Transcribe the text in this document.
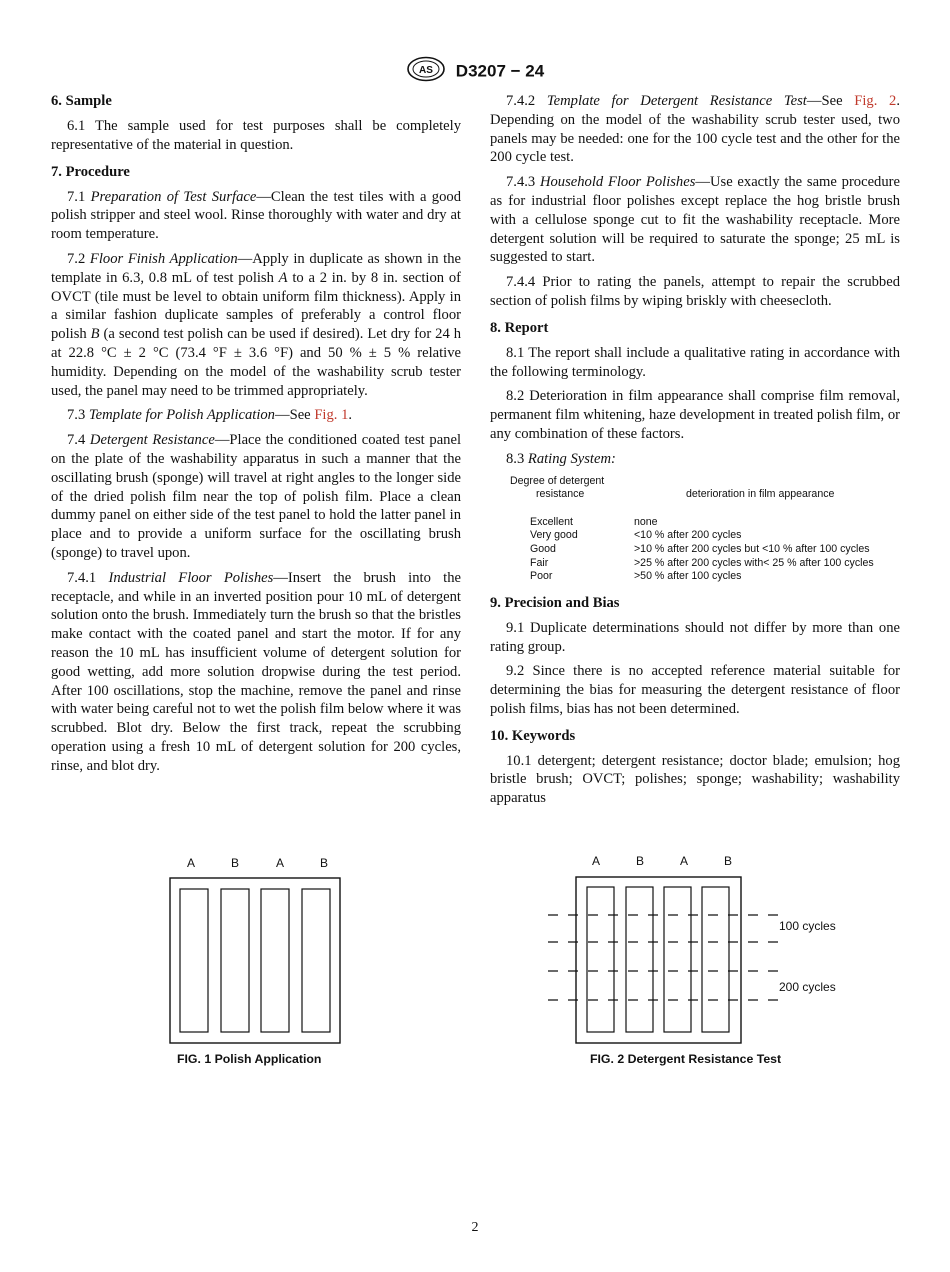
AS D3207 − 24
6. Sample

6.1 The sample used for test purposes shall be completely representative of the material in question.

7. Procedure

7.1 Preparation of Test Surface—Clean the test tiles with a good polish stripper and steel wool. Rinse thoroughly with water and dry at room temperature.

7.2 Floor Finish Application—Apply in duplicate as shown in the template in 6.3, 0.8 mL of test polish A to a 2 in. by 8 in. section of OVCT (tile must be level to obtain uniform film thickness). Apply in a similar fashion duplicate samples of preferably a control floor polish B (a second test polish can be used if desired). Let dry for 24 h at 22.8 °C ± 2 °C (73.4 °F ± 3.6 °F) and 50 % ± 5 % relative humidity. Depending on the model of the washability scrub tester used, the panel may need to be trimmed appropriately.

7.3 Template for Polish Application—See Fig. 1.

7.4 Detergent Resistance—Place the conditioned coated test panel on the plate of the washability apparatus in such a manner that the oscillating brush (sponge) will travel at right angles to the longer side of the dried polish film near the top of polish film. Place a clean dummy panel on either side of the test panel to hold the latter panel in place and to provide a uniform surface for the oscillating brush (sponge) to travel upon.

7.4.1 Industrial Floor Polishes—Insert the brush into the receptacle, and while in an inverted position pour 10 mL of detergent solution onto the brush. Immediately turn the brush so that the bristles make contact with the coated panel and start the motor. If for any reason the 10 mL has insufficient volume of detergent solution for good wetting, add more solution dropwise during the test period. After 100 oscillations, stop the machine, remove the panel and rinse with water being careful not to wet the polish film below where it was scrubbed. Blot dry. Below the first track, repeat the scrubbing operation using a fresh 10 mL of detergent solution for 200 cycles, rinse, and blot dry.

7.4.2 Template for Detergent Resistance Test—See Fig. 2. Depending on the model of the washability scrub tester used, two panels may be needed: one for the 100 cycle test and the other for the 200 cycle test.

7.4.3 Household Floor Polishes—Use exactly the same procedure as for industrial floor polishes except replace the hog bristle brush with a cellulose sponge cut to fit the washability receptacle. More detergent solution will be required to saturate the sponge; 25 mL is suggested to start.

7.4.4 Prior to rating the panels, attempt to repair the scrubbed section of polish films by wiping briskly with cheesecloth.

8. Report

8.1 The report shall include a qualitative rating in accordance with the following terminology.

8.2 Deterioration in film appearance shall comprise film removal, permanent film whitening, haze development in treated polish film, or any combination of these factors.

8.3 Rating System:

Degree of detergent
resistance	deterioration in film appearance

Excellent	none
Very good	<10 % after 200 cycles
Good	>10 % after 200 cycles but <10 % after 100 cycles
Fair	>25 % after 200 cycles with< 25 % after 100 cycles
Poor	>50 % after 100 cycles
9. Precision and Bias

9.1 Duplicate determinations should not differ by more than one rating group.

9.2 Since there is no accepted reference material suitable for determining the bias for measuring the detergent resistance of floor polish films, bias has not been determined.

10. Keywords

10.1 detergent; detergent resistance; doctor blade; emulsion; hog bristle brush; OVCT; polishes; sponge; washability; washability apparatus

A	B	A	B
FIG. 1 Polish Application
A	B	A	B
100 cycles
200 cycles
FIG. 2 Detergent Resistance Test
2
